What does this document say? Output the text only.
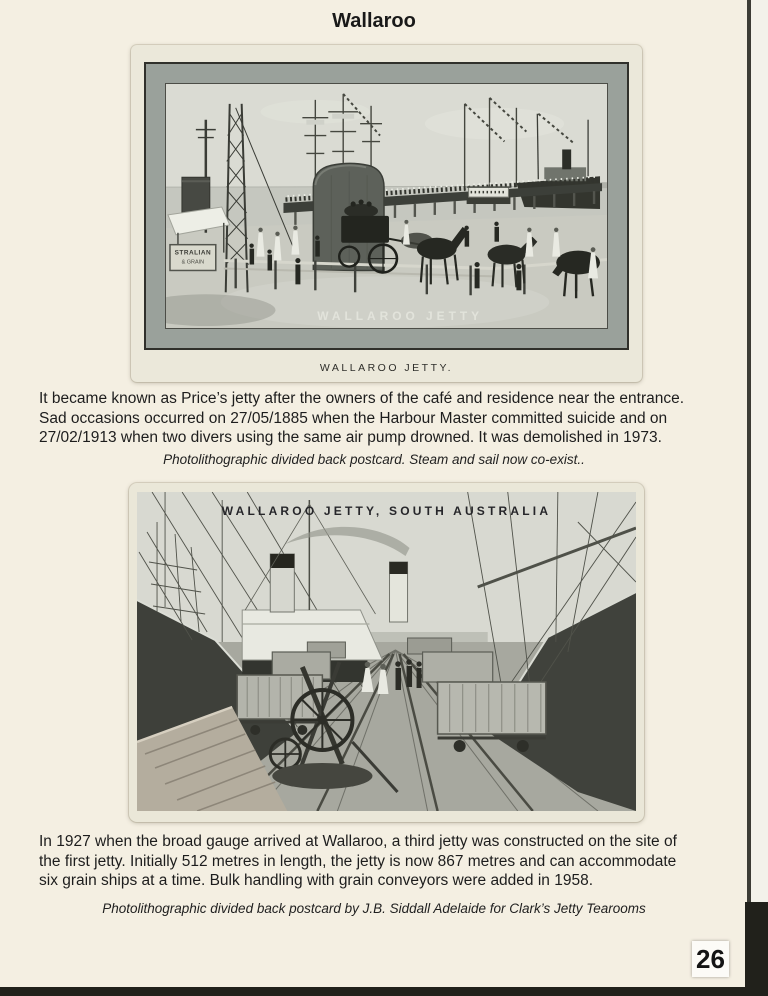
Wallaroo
STRALIAN
& GRAIN
WALLAROO JETTY
WALLAROO JETTY.
It became known as Price’s jetty after the owners of the café and residence near the entrance.
Sad occasions occurred on 27/05/1885 when the Harbour Master committed suicide and on
27/02/1913 when two divers using the same air pump drowned. It was demolished in 1973.
Photolithographic divided back postcard. Steam and sail now co-exist..
WALLAROO JETTY, SOUTH AUSTRALIA
In 1927 when the broad gauge arrived at Wallaroo, a third jetty was constructed on the site of
the first jetty. Initially 512 metres in length, the jetty is now 867 metres and can accommodate
six grain ships at a time. Bulk handling with grain conveyors were added in 1958.
Photolithographic divided back postcard by J.B. Siddall Adelaide for Clark’s Jetty Tearooms
26
